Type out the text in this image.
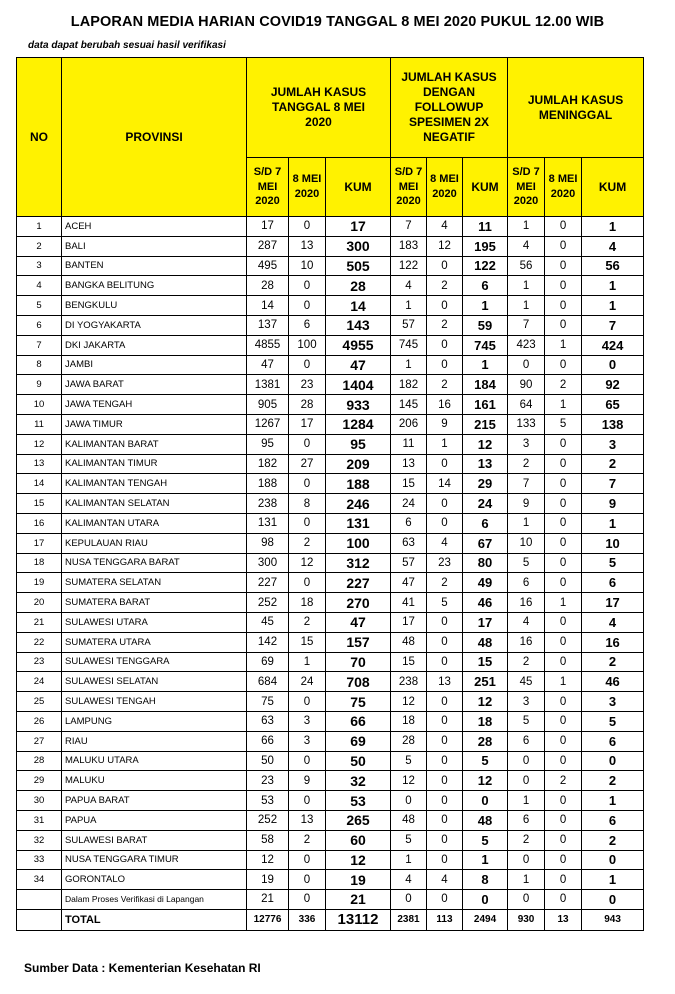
LAPORAN MEDIA HARIAN COVID19 TANGGAL 8 MEI 2020 PUKUL 12.00 WIB
data dapat berubah sesuai hasil verifikasi
NO	PROVINSI	JUMLAH KASUS TANGGAL 8 MEI 2020			JUMLAH KASUS DENGAN FOLLOWUP SPESIMEN 2X NEGATIF			JUMLAH KASUS MENINGGAL		
		S/D 7 MEI 2020	8 MEI 2020	KUM	S/D 7 MEI 2020	8 MEI 2020	KUM	S/D 7 MEI 2020	8 MEI 2020	KUM
1	ACEH	17	0	17	7	4	11	1	0	1
2	BALI	287	13	300	183	12	195	4	0	4
3	BANTEN	495	10	505	122	0	122	56	0	56
4	BANGKA BELITUNG	28	0	28	4	2	6	1	0	1
5	BENGKULU	14	0	14	1	0	1	1	0	1
6	DI YOGYAKARTA	137	6	143	57	2	59	7	0	7
7	DKI JAKARTA	4855	100	4955	745	0	745	423	1	424
8	JAMBI	47	0	47	1	0	1	0	0	0
9	JAWA BARAT	1381	23	1404	182	2	184	90	2	92
10	JAWA TENGAH	905	28	933	145	16	161	64	1	65
11	JAWA TIMUR	1267	17	1284	206	9	215	133	5	138
12	KALIMANTAN BARAT	95	0	95	11	1	12	3	0	3
13	KALIMANTAN TIMUR	182	27	209	13	0	13	2	0	2
14	KALIMANTAN TENGAH	188	0	188	15	14	29	7	0	7
15	KALIMANTAN SELATAN	238	8	246	24	0	24	9	0	9
16	KALIMANTAN UTARA	131	0	131	6	0	6	1	0	1
17	KEPULAUAN RIAU	98	2	100	63	4	67	10	0	10
18	NUSA TENGGARA BARAT	300	12	312	57	23	80	5	0	5
19	SUMATERA SELATAN	227	0	227	47	2	49	6	0	6
20	SUMATERA BARAT	252	18	270	41	5	46	16	1	17
21	SULAWESI UTARA	45	2	47	17	0	17	4	0	4
22	SUMATERA UTARA	142	15	157	48	0	48	16	0	16
23	SULAWESI TENGGARA	69	1	70	15	0	15	2	0	2
24	SULAWESI SELATAN	684	24	708	238	13	251	45	1	46
25	SULAWESI TENGAH	75	0	75	12	0	12	3	0	3
26	LAMPUNG	63	3	66	18	0	18	5	0	5
27	RIAU	66	3	69	28	0	28	6	0	6
28	MALUKU UTARA	50	0	50	5	0	5	0	0	0
29	MALUKU	23	9	32	12	0	12	0	2	2
30	PAPUA BARAT	53	0	53	0	0	0	1	0	1
31	PAPUA	252	13	265	48	0	48	6	0	6
32	SULAWESI BARAT	58	2	60	5	0	5	2	0	2
33	NUSA TENGGARA TIMUR	12	0	12	1	0	1	0	0	0
34	GORONTALO	19	0	19	4	4	8	1	0	1
	Dalam Proses Verifikasi di Lapangan	21	0	21	0	0	0	0	0	0
	TOTAL	12776	336	13112	2381	113	2494	930	13	943
Sumber Data : Kementerian Kesehatan RI
